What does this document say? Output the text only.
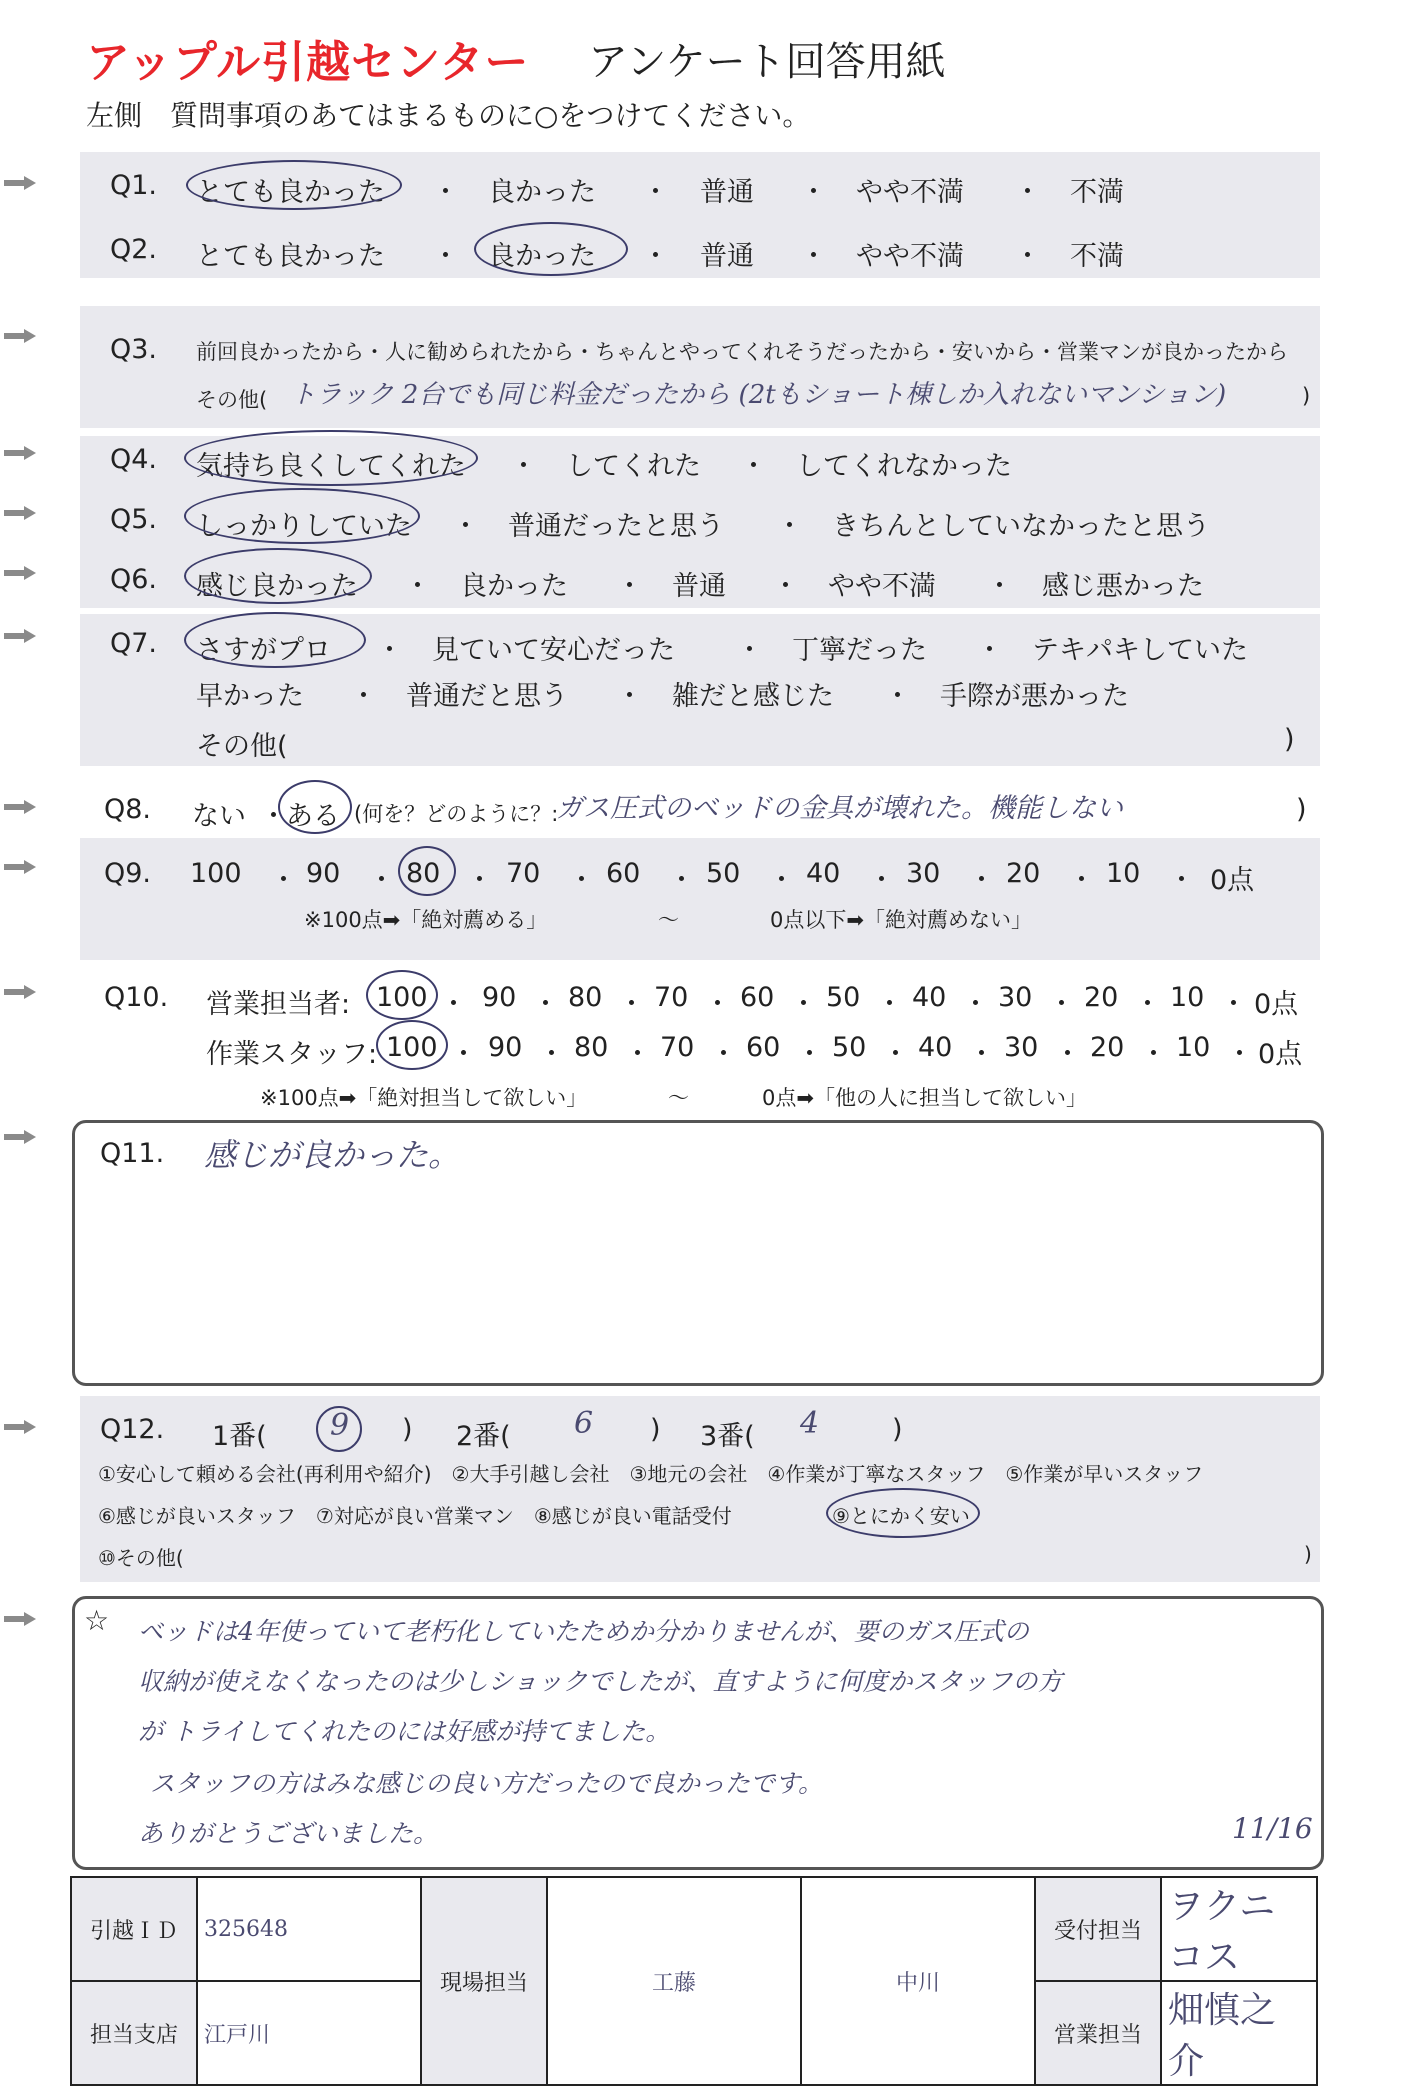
アップル引越センター アンケート回答用紙
左側　質問事項のあてはまるものに○をつけてください。
Q1. とても良かった ・ 良かった ・ 普通 ・ やや不満 ・ 不満
Q2. とても良かった ・ 良かった ・ 普通 ・ やや不満 ・ 不満
Q3. 前回良かったから・人に勧められたから・ちゃんとやってくれそうだったから・安いから・営業マンが良かったから
その他( トラック 2台でも同じ料金だったから (2tもショート棟しか入れないマンション)	)
Q4. 気持ち良くしてくれた ・ してくれた ・ してくれなかった
Q5. しっかりしていた ・ 普通だったと思う ・ きちんとしていなかったと思う
Q6. 感じ良かった ・ 良かった ・ 普通 ・ やや不満 ・ 感じ悪かった
Q7. さすがプロ ・ 見ていて安心だった ・ 丁寧だった ・ テキパキしていた
早かった ・ 普通だと思う ・ 雑だと感じた ・ 手際が悪かった
その他(	)
Q8. ない ・ ある (何を？どのように？:
ガス圧式のベッドの金具が壊れた。機能しない	)
Q9. 100 ・ 90 ・ 80 ・ 70 ・ 60 ・ 50 ・ 40 ・ 30 ・ 20 ・ 10 ・ 0点
※100点➡「絶対薦める」	～	0点以下➡「絶対薦めない」
Q10. 営業担当者: 100 ・ 90 ・ 80 ・ 70 ・ 60 ・ 50 ・ 40 ・ 30 ・ 20 ・ 10 ・ 0点
作業スタッフ: 100 ・ 90 ・ 80 ・ 70 ・ 60 ・ 50 ・ 40 ・ 30 ・ 20 ・ 10 ・ 0点
※100点➡「絶対担当して欲しい」	～	0点➡「他の人に担当して欲しい」
Q11. 感じが良かった。
Q12. 1番( 9 ) 2番( 6 ) 3番( 4	)
①安心して頼める会社(再利用や紹介)　②大手引越し会社　③地元の会社　④作業が丁寧なスタッフ　⑤作業が早いスタッフ
⑥感じが良いスタッフ　⑦対応が良い営業マン　⑧感じが良い電話受付　	⑨とにかく安い
⑩その他(	)
☆ ベッドは4年使っていて老朽化していたためか分かりませんが、要のガス圧式の
収納が使えなくなったのは少しショックでしたが、直すように何度かスタッフの方
が トライしてくれたのには好感が持てました。
スタッフの方はみな感じの良い方だったので良かったです。
ありがとうございました。	11/16
引越ＩＤ	325648	現場担当	工藤	中川	受付担当	ヲクニコス
担当支店	江戸川				営業担当	畑慎之介
